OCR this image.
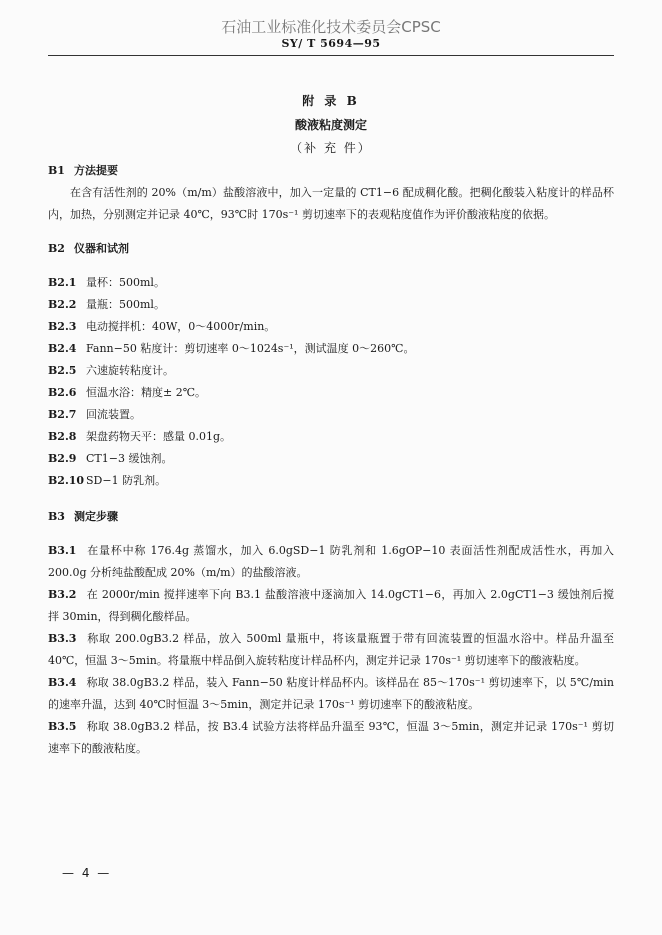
石油工业标准化技术委员会CPSC
SY/ T 5694—95
附 录 B
酸液粘度测定
（补 充 件）

B1 方法提要

在含有活性剂的 20%（m/m）盐酸溶液中，加入一定量的 CT1−6 配成稠化酸。把稠化酸装入粘度计的样品杯内，加热，分别测定并记录 40℃，93℃时 170s⁻¹ 剪切速率下的表观粘度值作为评价酸液粘度的依据。

B2 仪器和试剂

B2.1 量杯：500ml。

B2.2 量瓶：500ml。

B2.3 电动搅拌机：40W，0～4000r/min。

B2.4 Fann−50 粘度计：剪切速率 0～1024s⁻¹，测试温度 0～260℃。

B2.5 六速旋转粘度计。

B2.6 恒温水浴：精度± 2℃。

B2.7 回流装置。

B2.8 架盘药物天平：感量 0.01g。

B2.9 CT1−3 缓蚀剂。

B2.10 SD−1 防乳剂。

B3 测定步骤

B3.1 在量杯中称 176.4g 蒸馏水，加入 6.0gSD−1 防乳剂和 1.6gOP−10 表面活性剂配成活性水，再加入 200.0g 分析纯盐酸配成 20%（m/m）的盐酸溶液。

B3.2 在 2000r/min 搅拌速率下向 B3.1 盐酸溶液中逐滴加入 14.0gCT1−6，再加入 2.0gCT1−3 缓蚀剂后搅拌 30min，得到稠化酸样品。

B3.3 称取 200.0gB3.2 样品，放入 500ml 量瓶中，将该量瓶置于带有回流装置的恒温水浴中。样品升温至 40℃，恒温 3～5min。将量瓶中样品倒入旋转粘度计样品杯内，测定并记录 170s⁻¹ 剪切速率下的酸液粘度。

B3.4 称取 38.0gB3.2 样品，装入 Fann−50 粘度计样品杯内。该样品在 85～170s⁻¹ 剪切速率下，以 5℃/min 的速率升温，达到 40℃时恒温 3～5min，测定并记录 170s⁻¹ 剪切速率下的酸液粘度。

B3.5 称取 38.0gB3.2 样品，按 B3.4 试验方法将样品升温至 93℃，恒温 3～5min，测定并记录 170s⁻¹ 剪切速率下的酸液粘度。

— 4 —
